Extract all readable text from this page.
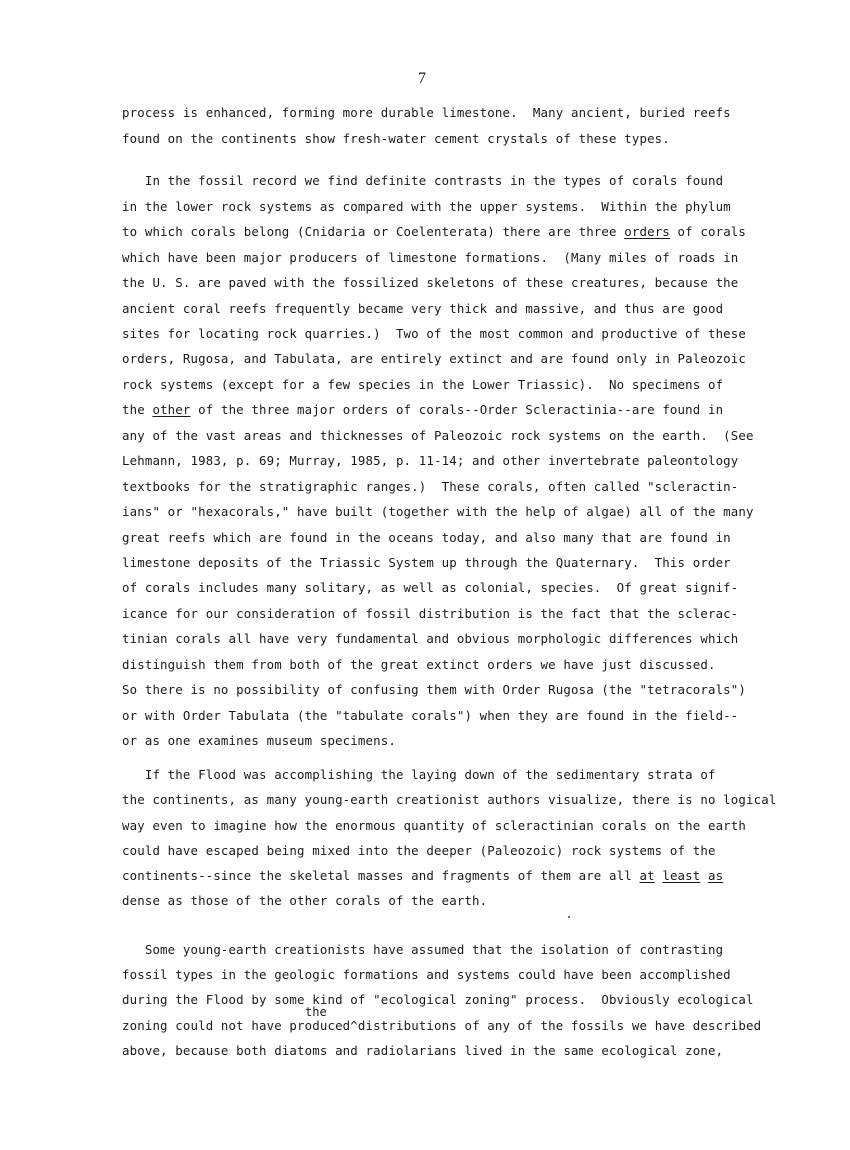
7
process is enhanced, forming more durable limestone.  Many ancient, buried reefs
found on the continents show fresh-water cement crystals of these types.
In the fossil record we find definite contrasts in the types of corals found
in the lower rock systems as compared with the upper systems.  Within the phylum
to which corals belong (Cnidaria or Coelenterata) there are three orders of corals
which have been major producers of limestone formations.  (Many miles of roads in
the U. S. are paved with the fossilized skeletons of these creatures, because the
ancient coral reefs frequently became very thick and massive, and thus are good
sites for locating rock quarries.)  Two of the most common and productive of these
orders, Rugosa, and Tabulata, are entirely extinct and are found only in Paleozoic
rock systems (except for a few species in the Lower Triassic).  No specimens of
the other of the three major orders of corals--Order Scleractinia--are found in
any of the vast areas and thicknesses of Paleozoic rock systems on the earth.  (See
Lehmann, 1983, p. 69; Murray, 1985, p. 11-14; and other invertebrate paleontology
textbooks for the stratigraphic ranges.)  These corals, often called "scleractin-
ians" or "hexacorals," have built (together with the help of algae) all of the many
great reefs which are found in the oceans today, and also many that are found in
limestone deposits of the Triassic System up through the Quaternary.  This order
of corals includes many solitary, as well as colonial, species.  Of great signif-
icance for our consideration of fossil distribution is the fact that the sclerac-
tinian corals all have very fundamental and obvious morphologic differences which
distinguish them from both of the great extinct orders we have just discussed.
So there is no possibility of confusing them with Order Rugosa (the "tetracorals")
or with Order Tabulata (the "tabulate corals") when they are found in the field--
or as one examines museum specimens.
If the Flood was accomplishing the laying down of the sedimentary strata of
the continents, as many young-earth creationist authors visualize, there is no logical
way even to imagine how the enormous quantity of scleractinian corals on the earth
could have escaped being mixed into the deeper (Paleozoic) rock systems of the
continents--since the skeletal masses and fragments of them are all at least as
dense as those of the other corals of the earth.
Some young-earth creationists have assumed that the isolation of contrasting
fossil types in the geologic formations and systems could have been accomplished
during the Flood by some kind of "ecological zoning" process.  Obviously ecological
the
zoning could not have produced^distributions of any of the fossils we have described
above, because both diatoms and radiolarians lived in the same ecological zone,
